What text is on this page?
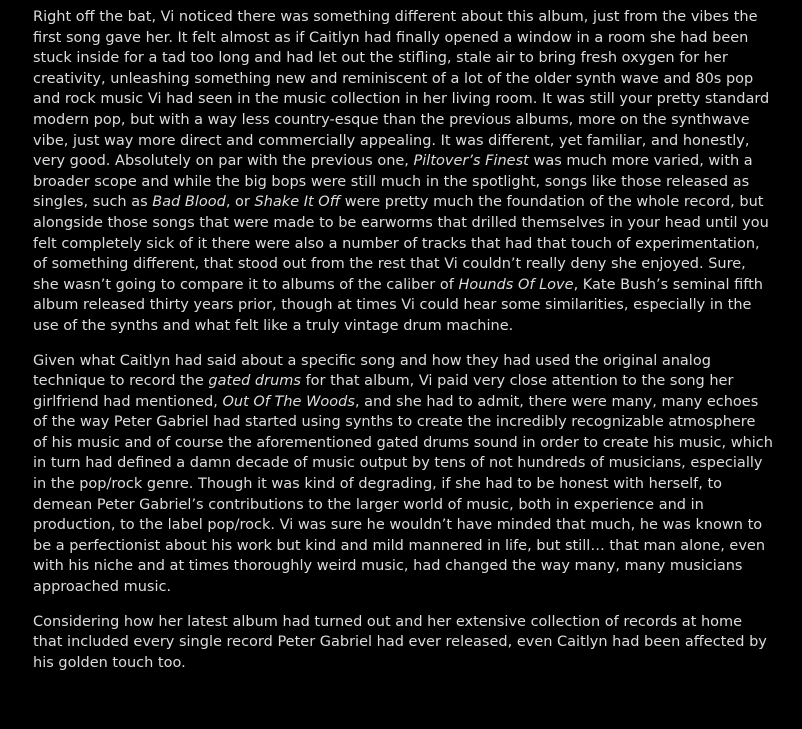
Right off the bat, Vi noticed there was something different about this album, just from the vibes the first song gave her. It felt almost as if Caitlyn had finally opened a window in a room she had been stuck inside for a tad too long and had let out the stifling, stale air to bring fresh oxygen for her creativity, unleashing something new and reminiscent of a lot of the older synth wave and 80s pop and rock music Vi had seen in the music collection in her living room. It was still your pretty standard modern pop, but with a way less country-esque than the previous albums, more on the synthwave vibe, just way more direct and commercially appealing. It was different, yet familiar, and honestly, very good. Absolutely on par with the previous one, Piltover’s Finest was much more varied, with a broader scope and while the big bops were still much in the spotlight, songs like those released as singles, such as Bad Blood, or Shake It Off were pretty much the foundation of the whole record, but alongside those songs that were made to be earworms that drilled themselves in your head until you felt completely sick of it there were also a number of tracks that had that touch of experimentation, of something different, that stood out from the rest that Vi couldn’t really deny she enjoyed. Sure, she wasn’t going to compare it to albums of the caliber of Hounds Of Love, Kate Bush’s seminal fifth album released thirty years prior, though at times Vi could hear some similarities, especially in the use of the synths and what felt like a truly vintage drum machine.

Given what Caitlyn had said about a specific song and how they had used the original analog technique to record the gated drums for that album, Vi paid very close attention to the song her girlfriend had mentioned, Out Of The Woods, and she had to admit, there were many, many echoes of the way Peter Gabriel had started using synths to create the incredibly recognizable atmosphere of his music and of course the aforementioned gated drums sound in order to create his music, which in turn had defined a damn decade of music output by tens of not hundreds of musicians, especially in the pop/rock genre. Though it was kind of degrading, if she had to be honest with herself, to demean Peter Gabriel’s contributions to the larger world of music, both in experience and in production, to the label pop/rock. Vi was sure he wouldn’t have minded that much, he was known to be a perfectionist about his work but kind and mild mannered in life, but still… that man alone, even with his niche and at times thoroughly weird music, had changed the way many, many musicians approached music.

Considering how her latest album had turned out and her extensive collection of records at home that included every single record Peter Gabriel had ever released, even Caitlyn had been affected by his golden touch too.
